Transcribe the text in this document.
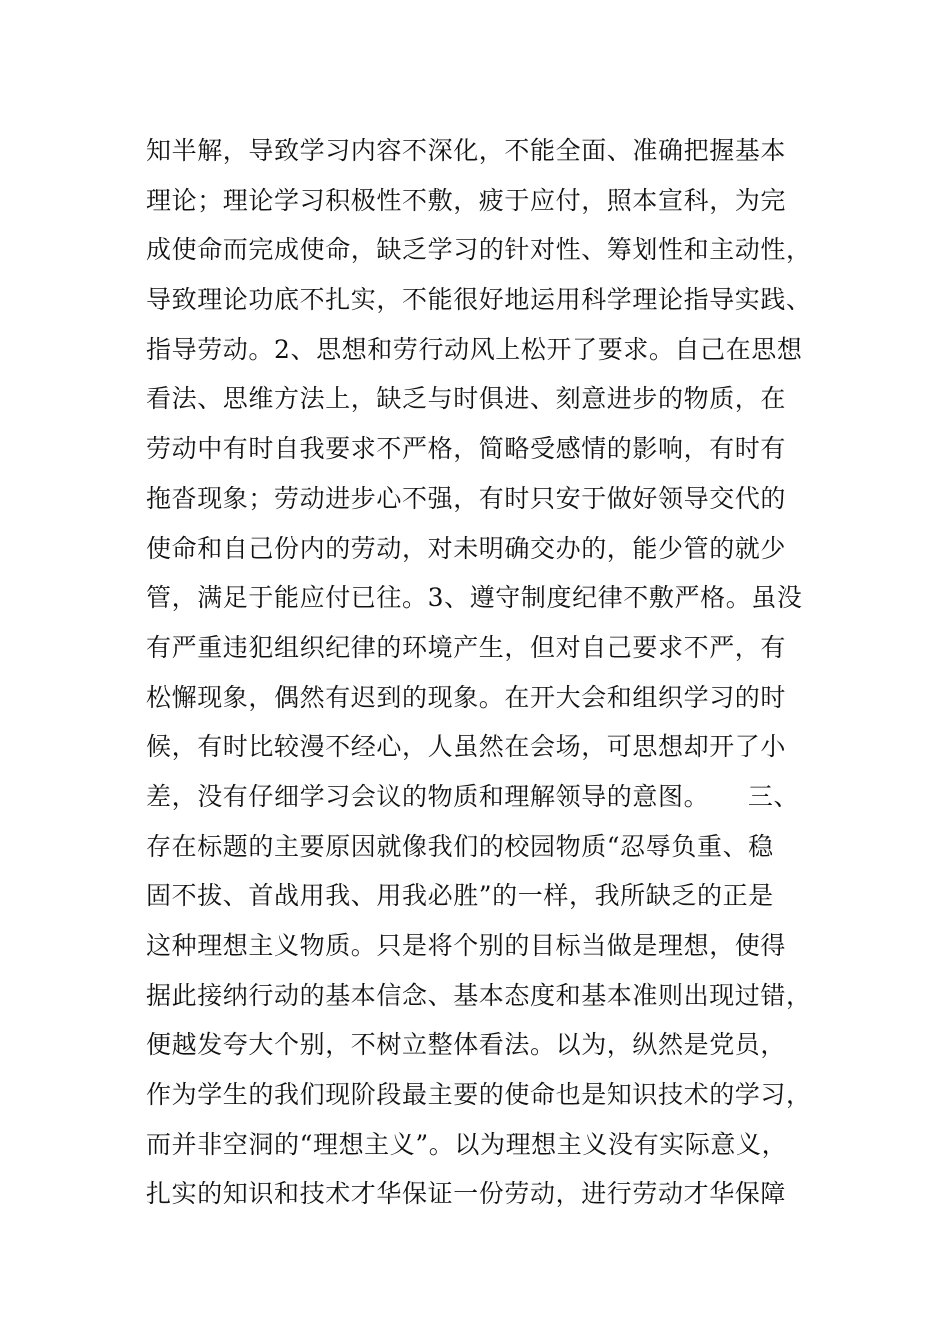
知半解，导致学习内容不深化，不能全面、准确把握基本
理论；理论学习积极性不敷，疲于应付，照本宣科，为完
成使命而完成使命，缺乏学习的针对性、筹划性和主动性，
导致理论功底不扎实，不能很好地运用科学理论指导实践、
指导劳动。2、思想和劳行动风上松开了要求。自己在思想
看法、思维方法上，缺乏与时俱进、刻意进步的物质，在
劳动中有时自我要求不严格，简略受感情的影响，有时有
拖沓现象；劳动进步心不强，有时只安于做好领导交代的
使命和自己份内的劳动，对未明确交办的，能少管的就少
管，满足于能应付已往。3、遵守制度纪律不敷严格。虽没
有严重违犯组织纪律的环境产生，但对自己要求不严，有
松懈现象，偶然有迟到的现象。在开大会和组织学习的时
候，有时比较漫不经心，人虽然在会场，可思想却开了小
差，没有仔细学习会议的物质和理解领导的意图。　　三、
存在标题的主要原因就像我们的校园物质“忍辱负重、稳
固不拔、首战用我、用我必胜”的一样，我所缺乏的正是
这种理想主义物质。只是将个别的目标当做是理想，使得
据此接纳行动的基本信念、基本态度和基本准则出现过错，
便越发夸大个别，不树立整体看法。以为，纵然是党员，
作为学生的我们现阶段最主要的使命也是知识技术的学习，
而并非空洞的“理想主义”。以为理想主义没有实际意义，
扎实的知识和技术才华保证一份劳动，进行劳动才华保障
